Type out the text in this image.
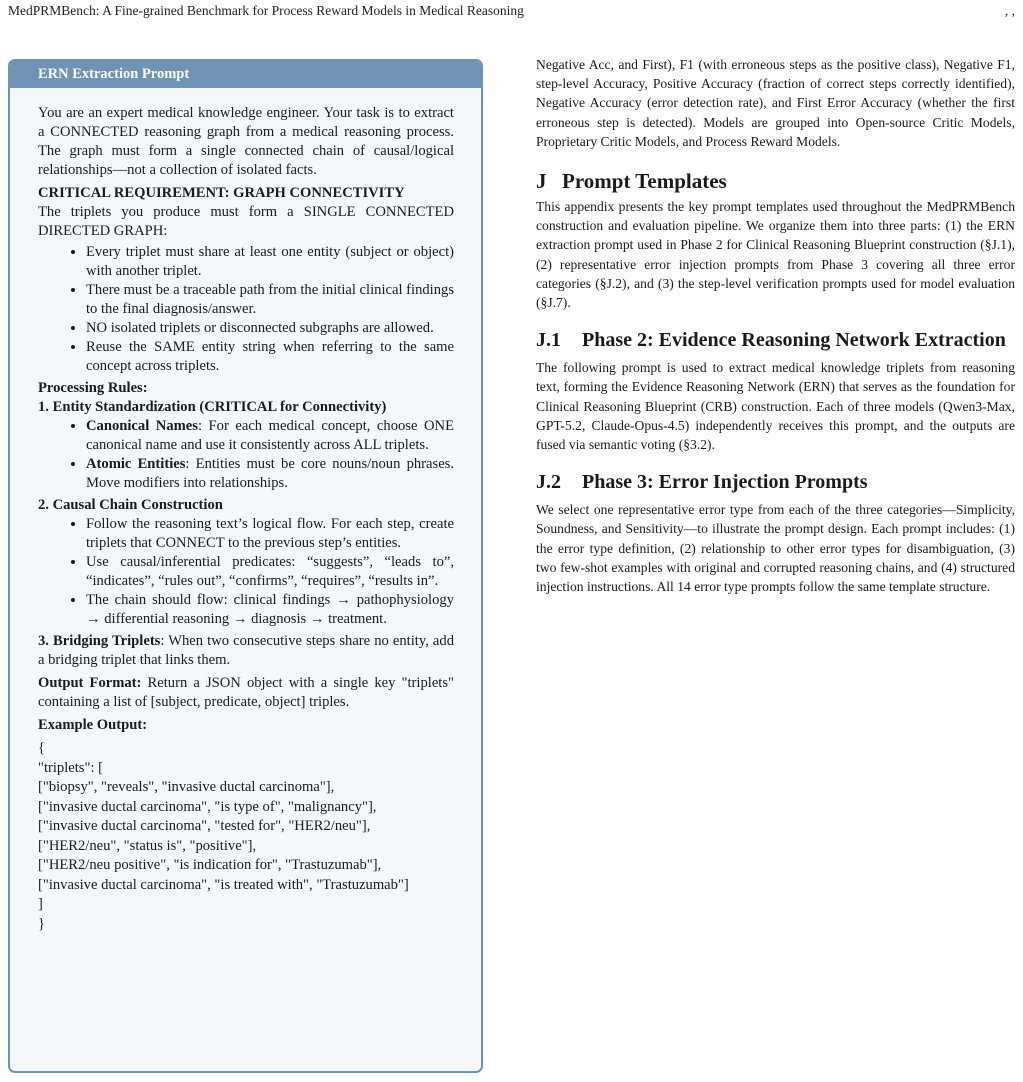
MedPRMBench: A Fine-grained Benchmark for Process Reward Models in Medical Reasoning	, ,
ERN Extraction Prompt

You are an expert medical knowledge engineer. Your task is to extract a CONNECTED reasoning graph from a medical reasoning process. The graph must form a single connected chain of causal/logical relationships—not a collection of isolated facts.

CRITICAL REQUIREMENT: GRAPH CONNECTIVITY

The triplets you produce must form a SINGLE CONNECTED DIRECTED GRAPH:

• Every triplet must share at least one entity (subject or object) with another triplet.
• There must be a traceable path from the initial clinical findings to the final diagnosis/answer.
• NO isolated triplets or disconnected subgraphs are allowed.
• Reuse the SAME entity string when referring to the same concept across triplets.
Processing Rules:
1. Entity Standardization (CRITICAL for Connectivity)
• Canonical Names: For each medical concept, choose ONE canonical name and use it consistently across ALL triplets.
• Atomic Entities: Entities must be core nouns/noun phrases. Move modifiers into relationships.
2. Causal Chain Construction
• Follow the reasoning text’s logical flow. For each step, create triplets that CONNECT to the previous step’s entities.
• Use causal/inferential predicates: “suggests”, “leads to”, “indicates”, “rules out”, “confirms”, “requires”, “results in”.
• The chain should flow: clinical findings → pathophysiology → differential reasoning → diagnosis → treatment.

3. Bridging Triplets: When two consecutive steps share no entity, add a bridging triplet that links them.

Output Format: Return a JSON object with a single key "triplets" containing a list of [subject, predicate, object] triples.

Example Output:
{
"triplets": [
["biopsy", "reveals", "invasive ductal carcinoma"],
["invasive ductal carcinoma", "is type of", "malignancy"],
["invasive ductal carcinoma", "tested for", "HER2/neu"],
["HER2/neu", "status is", "positive"],
["HER2/neu positive", "is indication for", "Trastuzumab"],
["invasive ductal carcinoma", "is treated with", "Trastuzumab"]
]
}

Negative Acc, and First), F1 (with erroneous steps as the positive class), Negative F1, step-level Accuracy, Positive Accuracy (fraction of correct steps correctly identified), Negative Accuracy (error detection rate), and First Error Accuracy (whether the first erroneous step is detected). Models are grouped into Open-source Critic Models, Proprietary Critic Models, and Process Reward Models.

J Prompt Templates

This appendix presents the key prompt templates used throughout the MedPRMBench construction and evaluation pipeline. We organize them into three parts: (1) the ERN extraction prompt used in Phase 2 for Clinical Reasoning Blueprint construction (§J.1), (2) representative error injection prompts from Phase 3 covering all three error categories (§J.2), and (3) the step-level verification prompts used for model evaluation (§J.7).

J.1	Phase 2: Evidence Reasoning Network Extraction

The following prompt is used to extract medical knowledge triplets from reasoning text, forming the Evidence Reasoning Network (ERN) that serves as the foundation for Clinical Reasoning Blueprint (CRB) construction. Each of three models (Qwen3-Max, GPT-5.2, Claude-Opus-4.5) independently receives this prompt, and the outputs are fused via semantic voting (§3.2).

J.2	Phase 3: Error Injection Prompts

We select one representative error type from each of the three categories—Simplicity, Soundness, and Sensitivity—to illustrate the prompt design. Each prompt includes: (1) the error type definition, (2) relationship to other error types for disambiguation, (3) two few-shot examples with original and corrupted reasoning chains, and (4) structured injection instructions. All 14 error type prompts follow the same template structure.
